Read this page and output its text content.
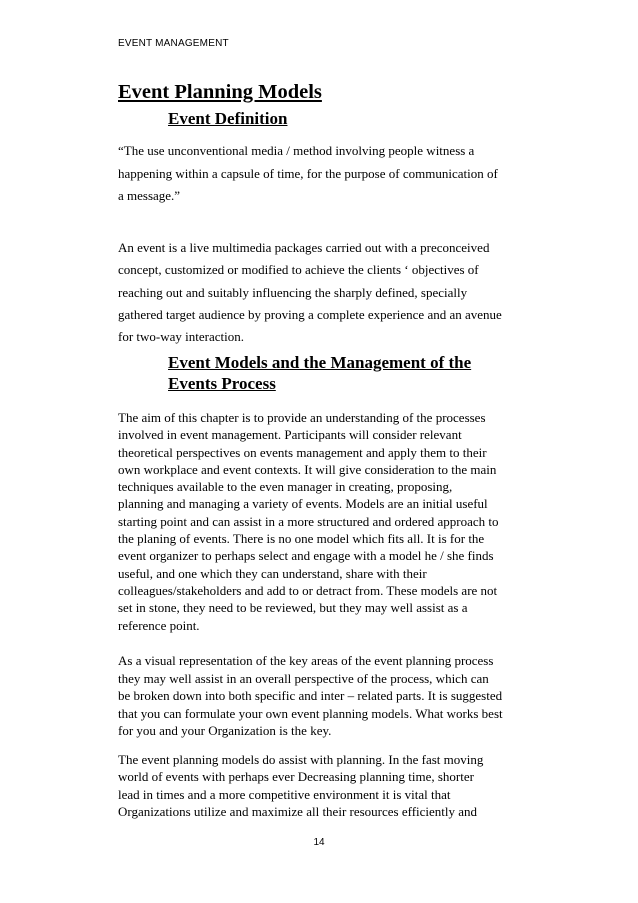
EVENT MANAGEMENT
Event Planning Models
Event Definition
“The use unconventional media / method involving people witness a
happening within a capsule of time, for the purpose of communication of
a message.”
An event is a live multimedia packages carried out with a preconceived
concept, customized or modified to achieve the clients ‘ objectives of
reaching out and suitably influencing the sharply defined, specially
gathered target audience by proving a complete experience and an avenue
for two-way interaction.
Event Models and the Management of the
Events Process
The aim of this chapter is to provide an understanding of the processes
involved in event management. Participants will consider relevant
theoretical perspectives on events management and apply them to their
own workplace and event contexts. It will give consideration to the main
techniques available to the even manager in creating, proposing,
planning and managing a variety of events. Models are an initial useful
starting point and can assist in a more structured and ordered approach to
the planing of events. There is no one model which fits all. It is for the
event organizer to perhaps select and engage with a model he / she finds
useful, and one which they can understand, share with their
colleagues/stakeholders and add to or detract from. These models are not
set in stone, they need to be reviewed, but they may well assist as a
reference point.
As a visual representation of the key areas of the event planning process
they may well assist in an overall perspective of the process, which can
be broken down into both specific and inter – related parts. It is suggested
that you can formulate your own event planning models. What works best
for you and your Organization is the key.
The event planning models do assist with planning. In the fast moving
world of events with perhaps ever Decreasing planning time, shorter
lead in times and a more competitive environment it is vital that
Organizations utilize and maximize all their resources efficiently and
14
